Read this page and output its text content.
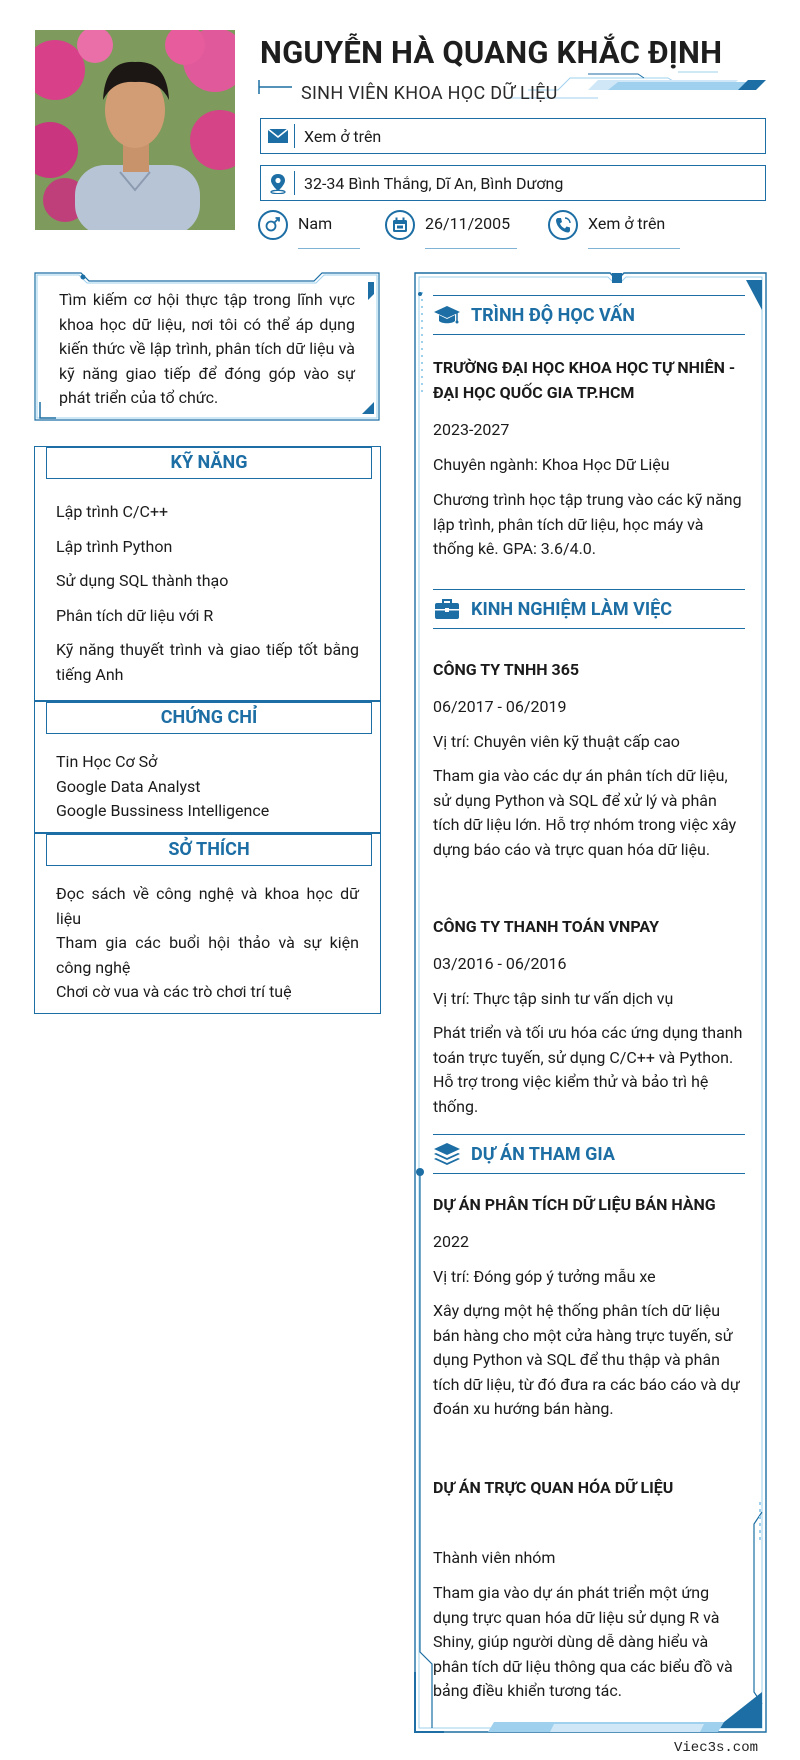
NGUYỄN HÀ QUANG KHẮC ĐỊNH
SINH VIÊN KHOA HỌC DỮ LIỆU
Xem ở trên
32-34 Bình Thắng, Dĩ An, Bình Dương
Nam	26/11/2005	Xem ở trên
Tìm kiếm cơ hội thực tập trong lĩnh vực khoa học dữ liệu, nơi tôi có thể áp dụng kiến thức về lập trình, phân tích dữ liệu và kỹ năng giao tiếp để đóng góp vào sự phát triển của tổ chức.
KỸ NĂNG
Lập trình C/C++
Lập trình Python
Sử dụng SQL thành thạo
Phân tích dữ liệu với R
Kỹ năng thuyết trình và giao tiếp tốt bằng tiếng Anh
CHỨNG CHỈ
Tin Học Cơ Sở
Google Data Analyst
Google Bussiness Intelligence
SỞ THÍCH
Đọc sách về công nghệ và khoa học dữ liệu
Tham gia các buổi hội thảo và sự kiện công nghệ
Chơi cờ vua và các trò chơi trí tuệ
TRÌNH ĐỘ HỌC VẤN
TRƯỜNG ĐẠI HỌC KHOA HỌC TỰ NHIÊN - ĐẠI HỌC QUỐC GIA TP.HCM
2023-2027
Chuyên ngành: Khoa Học Dữ Liệu
Chương trình học tập trung vào các kỹ năng lập trình, phân tích dữ liệu, học máy và thống kê. GPA: 3.6/4.0.
KINH NGHIỆM LÀM VIỆC
CÔNG TY TNHH 365
06/2017 - 06/2019
Vị trí: Chuyên viên kỹ thuật cấp cao
Tham gia vào các dự án phân tích dữ liệu, sử dụng Python và SQL để xử lý và phân tích dữ liệu lớn. Hỗ trợ nhóm trong việc xây dựng báo cáo và trực quan hóa dữ liệu.
CÔNG TY THANH TOÁN VNPAY
03/2016 - 06/2016
Vị trí: Thực tập sinh tư vấn dịch vụ
Phát triển và tối ưu hóa các ứng dụng thanh toán trực tuyến, sử dụng C/C++ và Python. Hỗ trợ trong việc kiểm thử và bảo trì hệ thống.
DỰ ÁN THAM GIA
DỰ ÁN PHÂN TÍCH DỮ LIỆU BÁN HÀNG
2022
Vị trí: Đóng góp ý tưởng mẫu xe
Xây dựng một hệ thống phân tích dữ liệu bán hàng cho một cửa hàng trực tuyến, sử dụng Python và SQL để thu thập và phân tích dữ liệu, từ đó đưa ra các báo cáo và dự đoán xu hướng bán hàng.
DỰ ÁN TRỰC QUAN HÓA DỮ LIỆU
Thành viên nhóm
Tham gia vào dự án phát triển một ứng dụng trực quan hóa dữ liệu sử dụng R và Shiny, giúp người dùng dễ dàng hiểu và phân tích dữ liệu thông qua các biểu đồ và bảng điều khiển tương tác.
Viec3s.com
